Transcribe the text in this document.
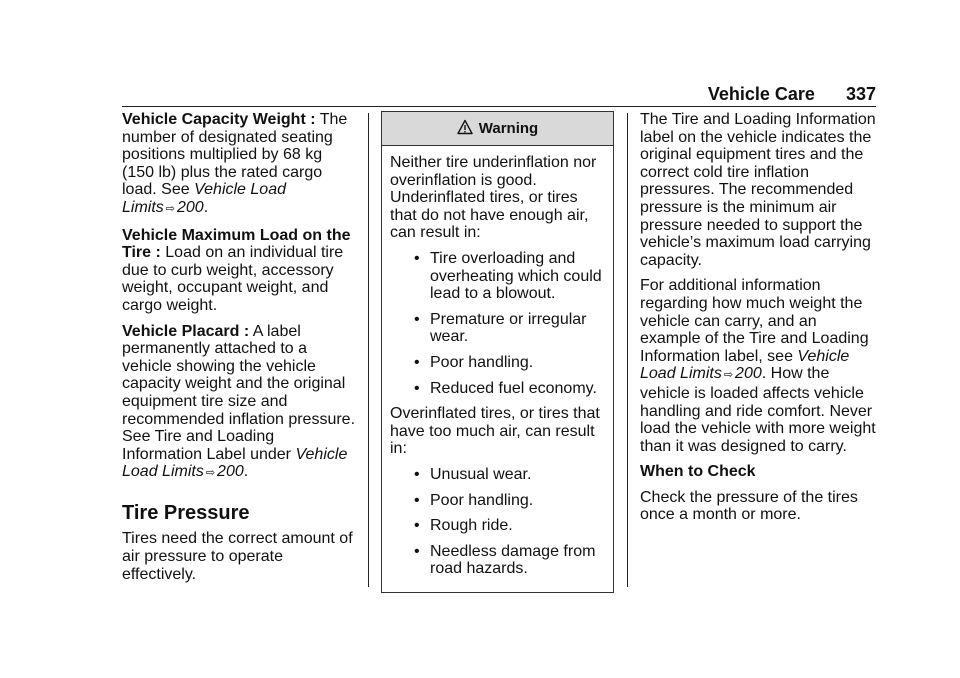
Vehicle Care 337

Vehicle Capacity Weight : The number of designated seating positions multiplied by 68 kg (150 lb) plus the rated cargo load. See Vehicle Load Limits ⇨ 200.

Vehicle Maximum Load on the Tire : Load on an individual tire due to curb weight, accessory weight, occupant weight, and cargo weight.

Vehicle Placard : A label permanently attached to a vehicle showing the vehicle capacity weight and the original equipment tire size and recommended inflation pressure. See Tire and Loading Information Label under Vehicle Load Limits ⇨ 200.

Tire Pressure

Tires need the correct amount of air pressure to operate effectively.

Warning

Neither tire underinflation nor overinflation is good. Underinflated tires, or tires that do not have enough air, can result in:

• Tire overloading and overheating which could lead to a blowout.
• Premature or irregular wear.
• Poor handling.
• Reduced fuel economy.

Overinflated tires, or tires that have too much air, can result in:

• Unusual wear.
• Poor handling.
• Rough ride.
• Needless damage from road hazards.

The Tire and Loading Information label on the vehicle indicates the original equipment tires and the correct cold tire inflation pressures. The recommended pressure is the minimum air pressure needed to support the vehicle’s maximum load carrying capacity.

For additional information regarding how much weight the vehicle can carry, and an example of the Tire and Loading Information label, see Vehicle Load Limits ⇨ 200. How the vehicle is loaded affects vehicle handling and ride comfort. Never load the vehicle with more weight than it was designed to carry.

When to Check

Check the pressure of the tires once a month or more.
